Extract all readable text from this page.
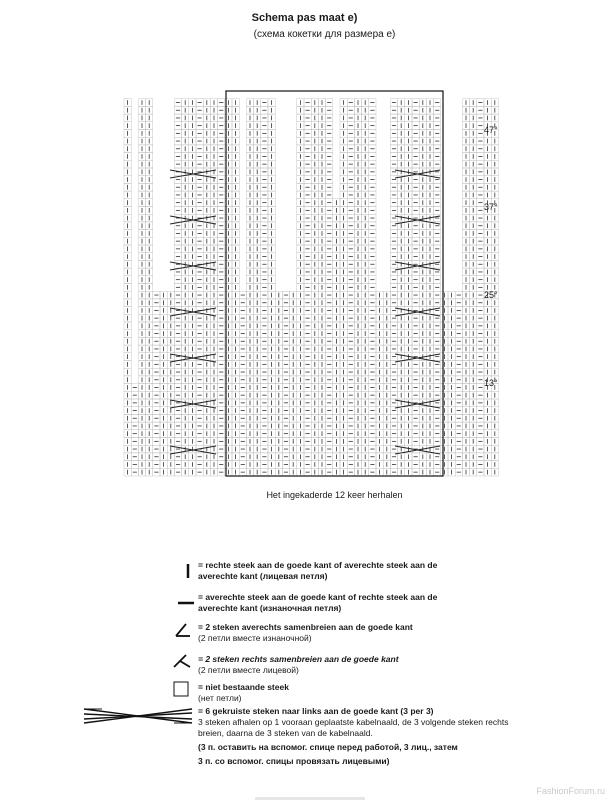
Schema pas maat e)
(схема кокетки для размера е)
47°
37°
25°
13°
Het ingekaderde 12 keer herhalen
= rechte steek aan de goede kant of averechte steek aan de
averechte kant (лицевая петля)
= averechte steek aan de goede kant of rechte steek aan de
averechte kant (изнаночная петля)
= 2 steken averechts samenbreien aan de goede kant
(2 петли вместе изнаночной)
= 2 steken rechts samenbreien aan de goede kant
(2 петли вместе лицевой)
= niet bestaande steek
(нет петли)
= 6 gekruiste steken naar links aan de goede kant (3 per 3)
3 steken afhalen op 1 vooraan geplaatste kabelnaald, de 3 volgende steken rechts
breien, daarna de 3 steken van de kabelnaald.
(3 п. оставить на вспомог. спице перед работой, 3 лиц., затем
3 п. со вспомог. спицы провязать лицевыми)
FashionForum.ru
